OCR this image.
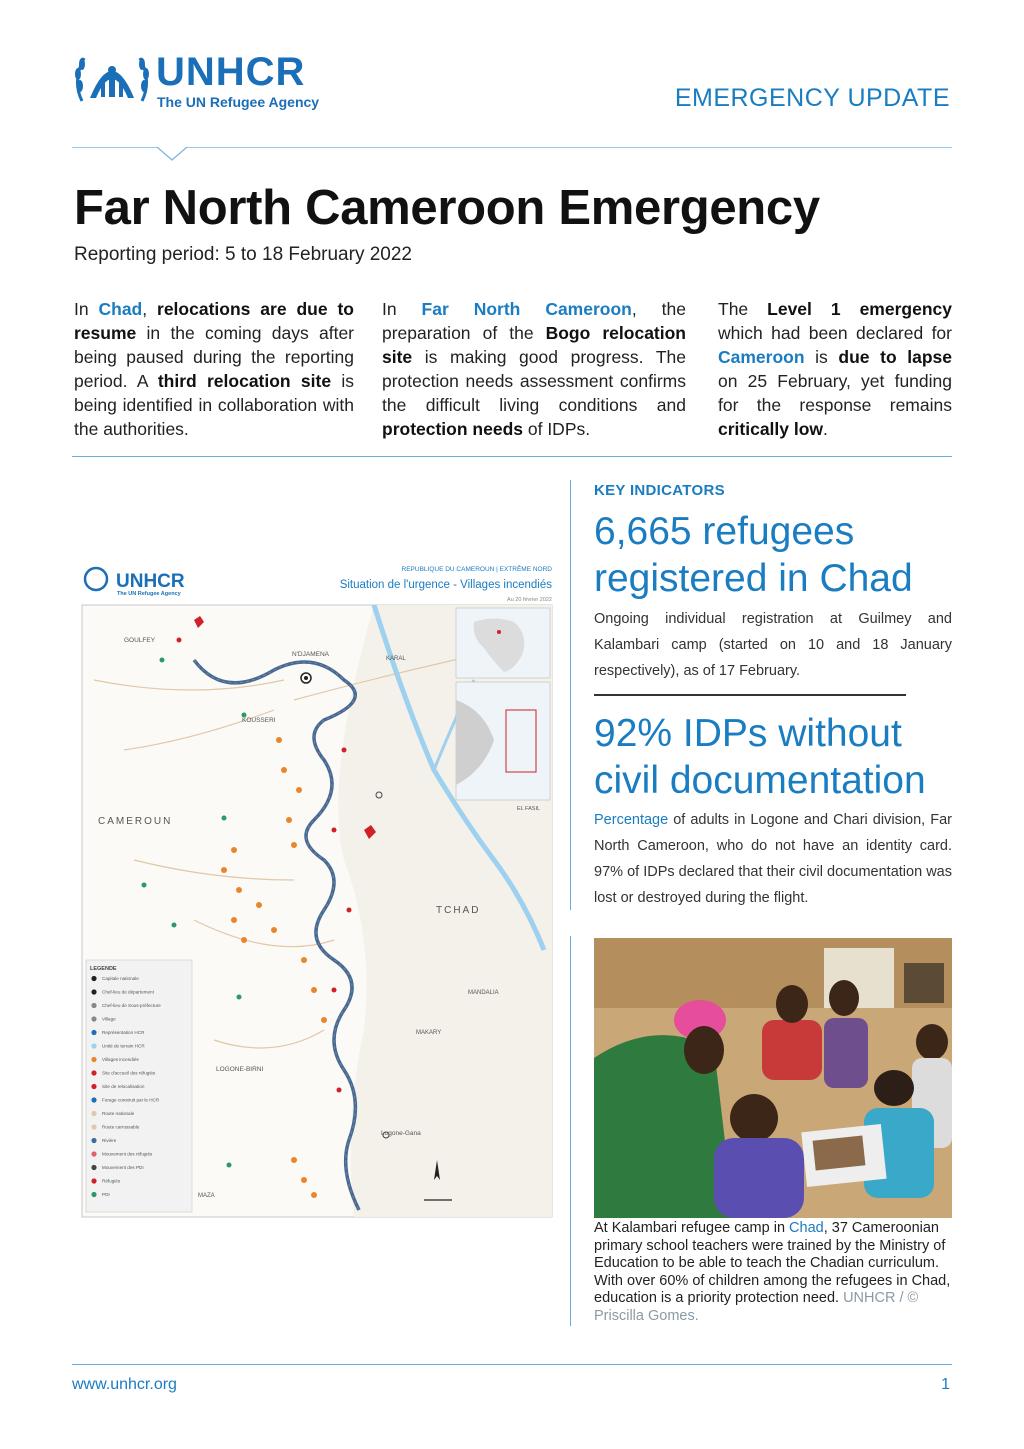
UNHCR
The UN Refugee Agency	EMERGENCY UPDATE
Far North Cameroon Emergency
Reporting period: 5 to 18 February 2022
In Chad, relocations are due to resume in the coming days after being paused during the reporting period. A third relocation site is being identified in collaboration with the authorities.
In Far North Cameroon, the preparation of the Bogo relocation site is making good progress. The protection needs assessment confirms the difficult living conditions and protection needs of IDPs.
The Level 1 emergency which had been declared for Cameroon is due to lapse on 25 February, yet funding for the response remains critically low.
UNHCR
The UN Refugee Agency
REPUBLIQUE DU CAMEROUN | EXTRÊME NORD
Situation de l'urgence - Villages incendiés
Au 20 février 2022
N'DJAMENA
KOUSSERI
GOULFEY
KARAL
EL FASIL
CAMEROUN
TCHAD
MANDALIA
MAKARY
LOGONE-BIRNI
Logone-Gana
MAZA
LEGENDE
Capitale nationale
Chef-lieu de département
Chef-lieu de Sous-préfecture
Village
Représentation HCR
Unité de terrain HCR
Villages incendiés
Site d'accueil des réfugiés
Site de relocalisation
Forage construit par le HCR
Route nationale
Route carrossable
Rivière
Mouvement des réfugiés
Mouvement des PDI
Réfugiés
PDI
KEY INDICATORS
6,665 refugees
registered in Chad
Ongoing individual registration at Guilmey and Kalambari camp (started on 10 and 18 January respectively), as of 17 February.
92% IDPs without
civil documentation
Percentage of adults in Logone and Chari division, Far North Cameroon, who do not have an identity card. 97% of IDPs declared that their civil documentation was lost or destroyed during the flight.
At Kalambari refugee camp in Chad, 37 Cameroonian primary school teachers were trained by the Ministry of Education to be able to teach the Chadian curriculum. With over 60% of children among the refugees in Chad, education is a priority protection need. UNHCR / © Priscilla Gomes.
www.unhcr.org	1
